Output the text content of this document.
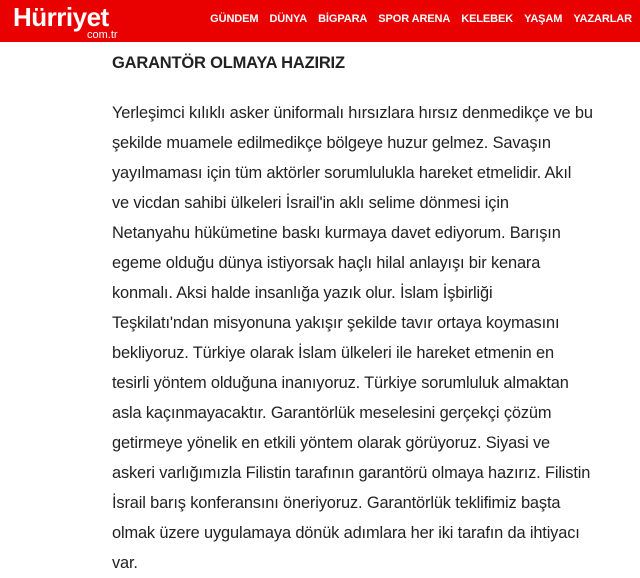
Hürriyet
com.tr
GÜNDEM DÜNYA BİGPARA SPOR ARENA KELEBEK YAŞAM YAZARLAR
GARANTÖR OLMAYA HAZIRIZ

Yerleşimci kılıklı asker üniformalı hırsızlara hırsız denmedikçe ve bu
şekilde muamele edilmedikçe bölgeye huzur gelmez. Savaşın
yayılmaması için tüm aktörler sorumlulukla hareket etmelidir. Akıl
ve vicdan sahibi ülkeleri İsrail'in aklı selime dönmesi için
Netanyahu hükümetine baskı kurmaya davet ediyorum. Barışın
egeme olduğu dünya istiyorsak haçlı hilal anlayışı bir kenara
konmalı. Aksi halde insanlığa yazık olur. İslam İşbirliği
Teşkilatı'ndan misyonuna yakışır şekilde tavır ortaya koymasını
bekliyoruz. Türkiye olarak İslam ülkeleri ile hareket etmenin en
tesirli yöntem olduğuna inanıyoruz. Türkiye sorumluluk almaktan
asla kaçınmayacaktır. Garantörlük meselesini gerçekçi çözüm
getirmeye yönelik en etkili yöntem olarak görüyoruz. Siyasi ve
askeri varlığımızla Filistin tarafının garantörü olmaya hazırız. Filistin
İsrail barış konferansını öneriyoruz. Garantörlük teklifimiz başta
olmak üzere uygulamaya dönük adımlara her iki tarafın da ihtiyacı
var.
